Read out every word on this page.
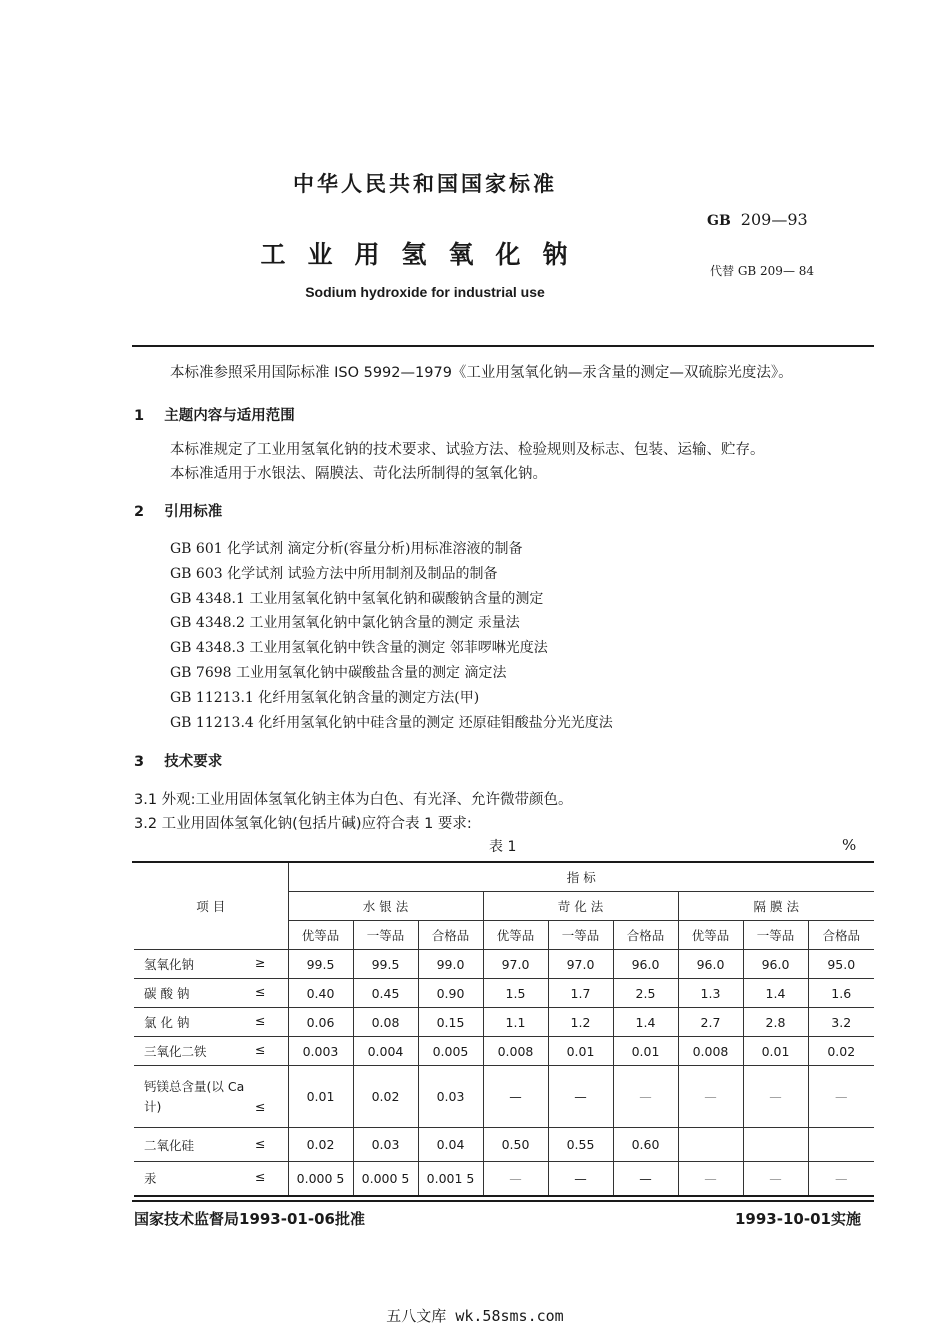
中华人民共和国国家标准
GB 209—93
工业用氢氧化钠
代替 GB 209— 84
Sodium hydroxide for industrial use
本标准参照采用国际标准 ISO 5992—1979《工业用氢氧化钠—汞含量的测定—双硫腙光度法》。
1 主题内容与适用范围
本标准规定了工业用氢氧化钠的技术要求、试验方法、检验规则及标志、包装、运输、贮存。
本标准适用于水银法、隔膜法、苛化法所制得的氢氧化钠。
2 引用标准
GB 601 化学试剂 滴定分析(容量分析)用标准溶液的制备
GB 603 化学试剂 试验方法中所用制剂及制品的制备
GB 4348.1 工业用氢氧化钠中氢氧化钠和碳酸钠含量的测定
GB 4348.2 工业用氢氧化钠中氯化钠含量的测定 汞量法
GB 4348.3 工业用氢氧化钠中铁含量的测定 邻菲啰啉光度法
GB 7698 工业用氢氧化钠中碳酸盐含量的测定 滴定法
GB 11213.1 化纤用氢氧化钠含量的测定方法(甲)
GB 11213.4 化纤用氢氧化钠中硅含量的测定 还原硅钼酸盐分光光度法
3 技术要求
3.1 外观:工业用固体氢氧化钠主体为白色、有光泽、允许微带颜色。
3.2 工业用固体氢氧化钠(包括片碱)应符合表 1 要求:
表 1	%
项 目	指 标								
	水 银 法			苛 化 法			隔 膜 法		
	优等品	一等品	合格品	优等品	一等品	合格品	优等品	一等品	合格品
氢氧化钠 ≥	99.5	99.5	99.0	97.0	97.0	96.0	96.0	96.0	95.0
碳 酸 钠 ≤	0.40	0.45	0.90	1.5	1.7	2.5	1.3	1.4	1.6
氯 化 钠 ≤	0.06	0.08	0.15	1.1	1.2	1.4	2.7	2.8	3.2
三氧化二铁 ≤	0.003	0.004	0.005	0.008	0.01	0.01	0.008	0.01	0.02
钙镁总含量(以 Ca
计) ≤	0.01	0.02	0.03	—	—	—	—	—	—
二氧化硅 ≤	0.02	0.03	0.04	0.50	0.55	0.60			
汞 ≤	0.000 5	0.000 5	0.001 5	—	—	—	—	—	—
国家技术监督局1993-01-06批准	1993-10-01实施
五八文库 wk.58sms.com
